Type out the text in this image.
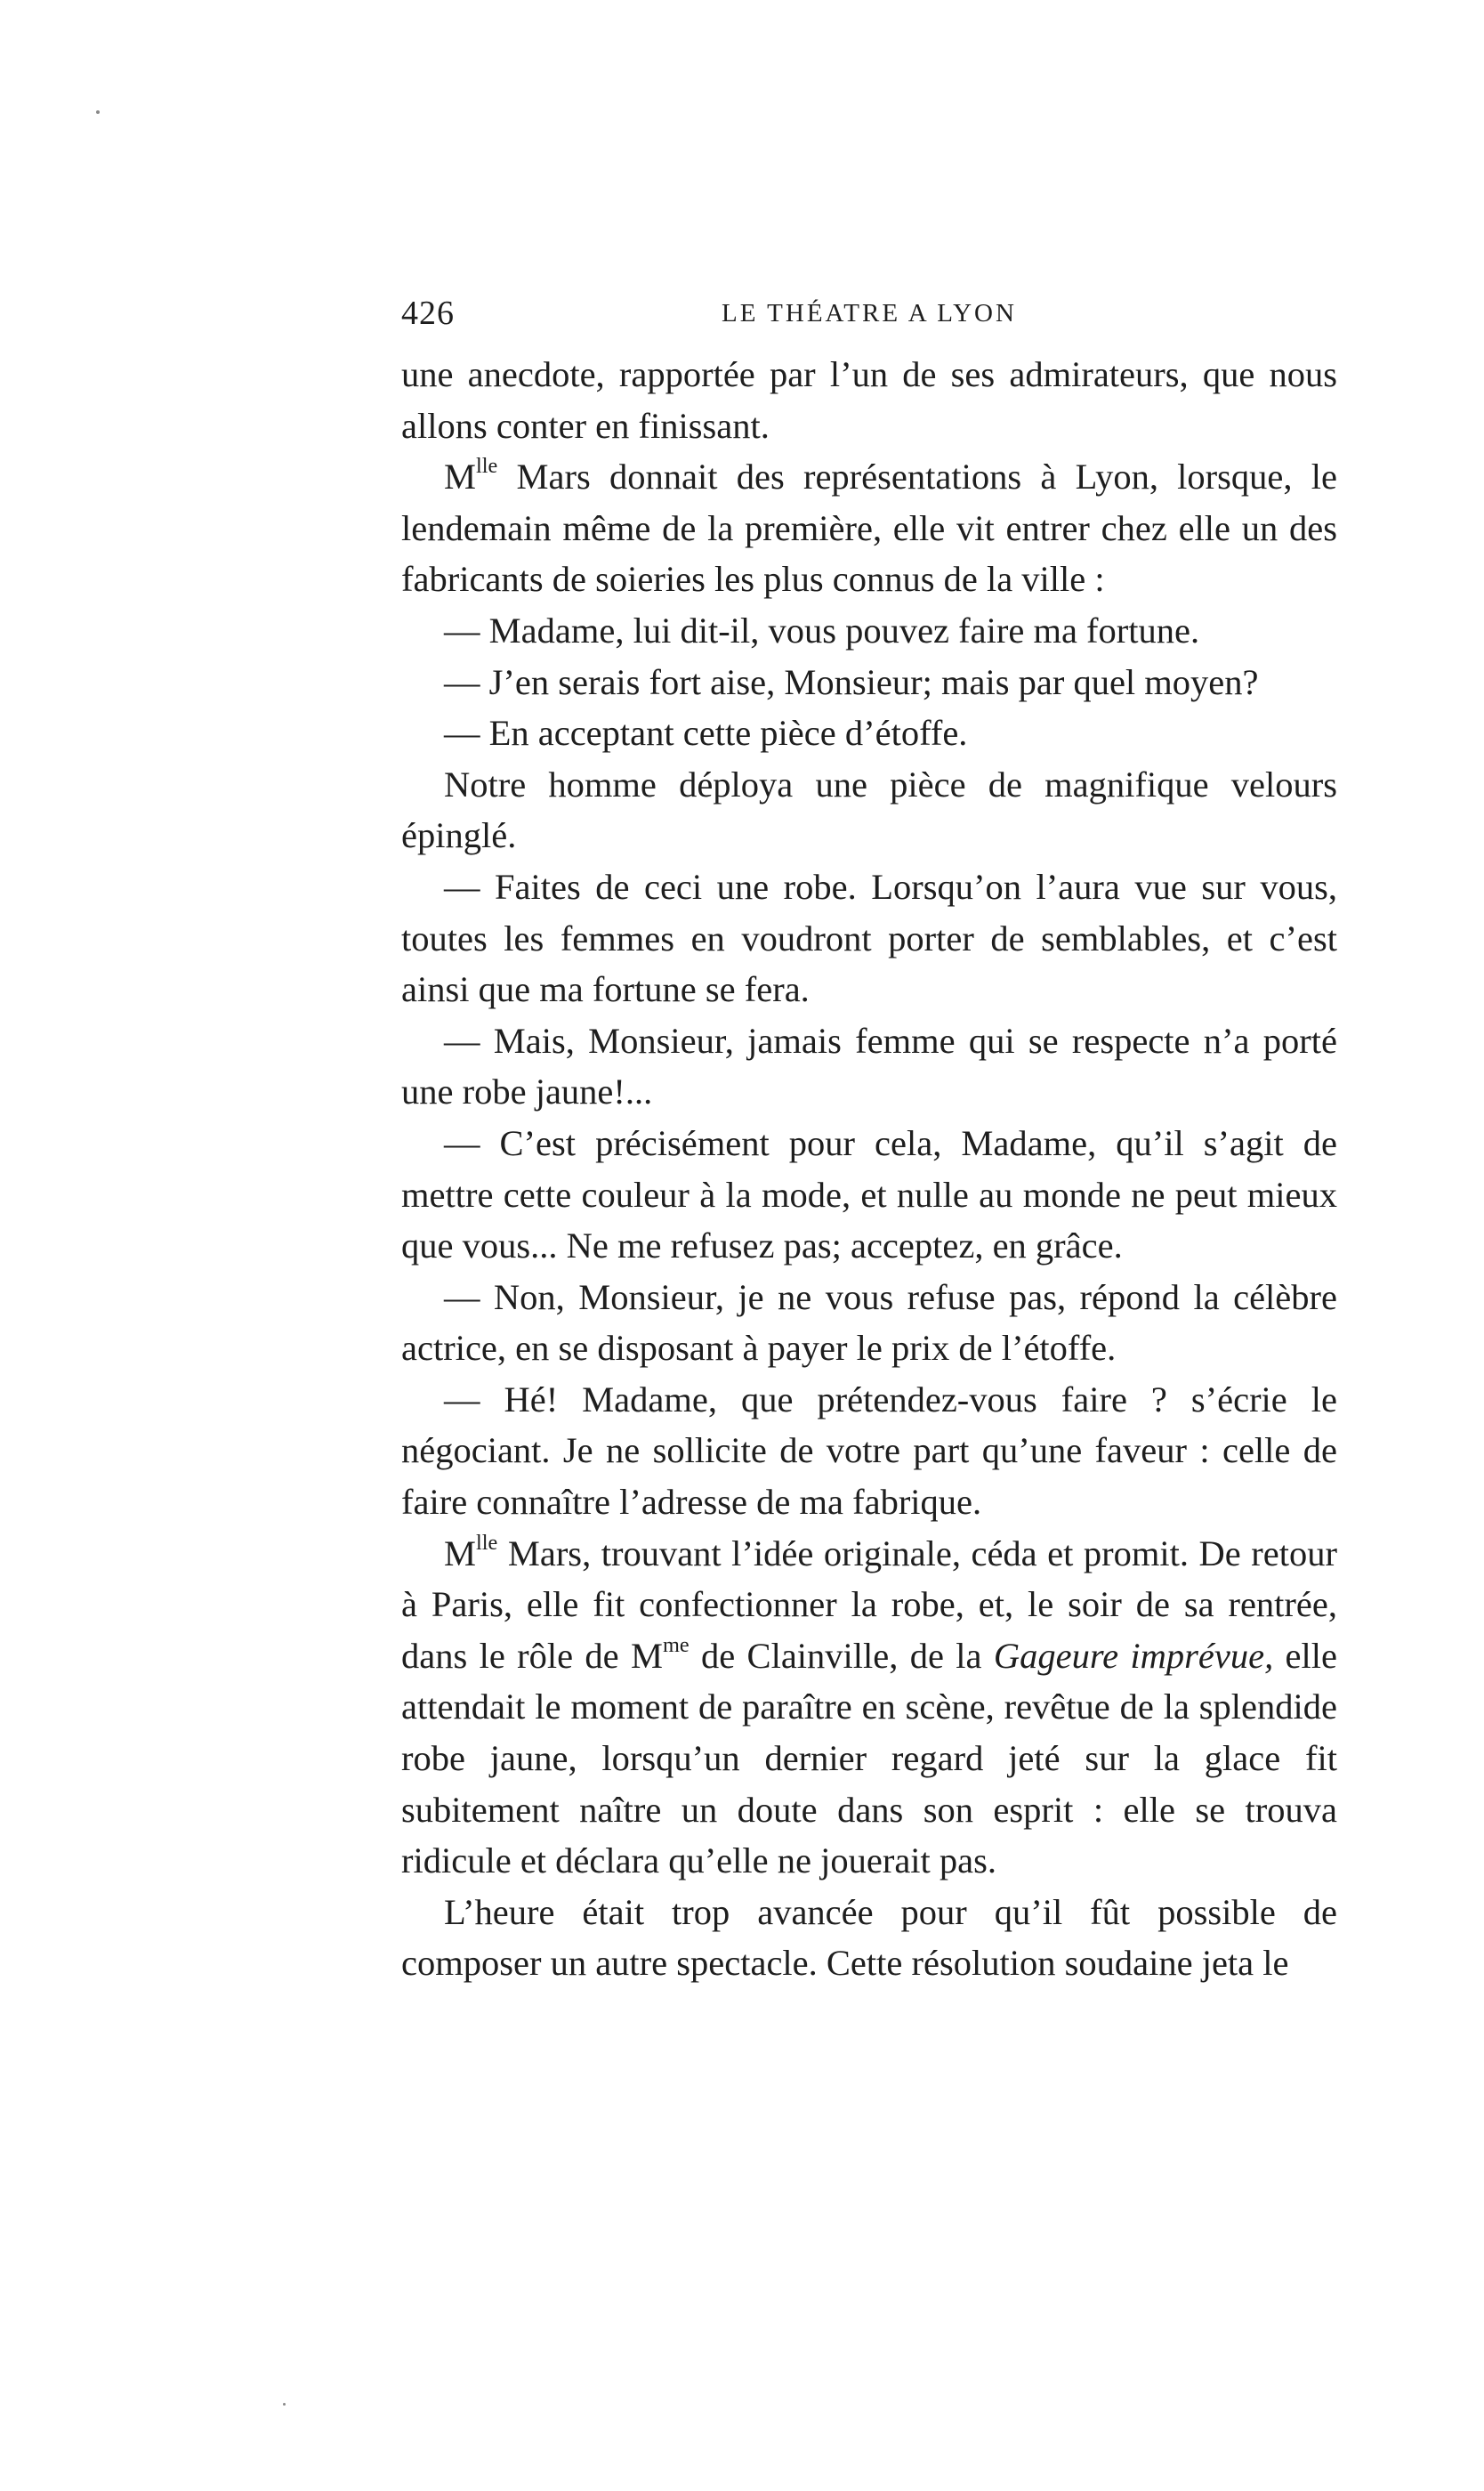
426	LE THÉATRE A LYON

une anecdote, rapportée par l’un de ses admirateurs, que nous allons conter en finissant.

$M^{lle}$ Mars donnait des représentations à Lyon, lorsque, le lendemain même de la première, elle vit entrer chez elle un des fabricants de soieries les plus connus de la ville :

— Madame, lui dit-il, vous pouvez faire ma fortune.

— J’en serais fort aise, Monsieur; mais par quel moyen?

— En acceptant cette pièce d’étoffe.

Notre homme déploya une pièce de magnifique velours épinglé.

— Faites de ceci une robe. Lorsqu’on l’aura vue sur vous, toutes les femmes en voudront porter de semblables, et c’est ainsi que ma fortune se fera.

— Mais, Monsieur, jamais femme qui se respecte n’a porté une robe jaune!...

— C’est précisément pour cela, Madame, qu’il s’agit de mettre cette couleur à la mode, et nulle au monde ne peut mieux que vous... Ne me refusez pas; acceptez, en grâce.

— Non, Monsieur, je ne vous refuse pas, répond la célèbre actrice, en se disposant à payer le prix de l’étoffe.

— Hé! Madame, que prétendez-vous faire ? s’écrie le négociant. Je ne sollicite de votre part qu’une faveur : celle de faire connaître l’adresse de ma fabrique.

$M^{lle}$ Mars, trouvant l’idée originale, céda et promit. De retour à Paris, elle fit confectionner la robe, et, le soir de sa rentrée, dans le rôle de $M^{me}$ de Clainville, de la Gageure imprévue, elle attendait le moment de paraître en scène, revêtue de la splendide robe jaune, lorsqu’un dernier regard jeté sur la glace fit subitement naître un doute dans son esprit : elle se trouva ridicule et déclara qu’elle ne jouerait pas.

L’heure était trop avancée pour qu’il fût possible de composer un autre spectacle. Cette résolution soudaine jeta le
